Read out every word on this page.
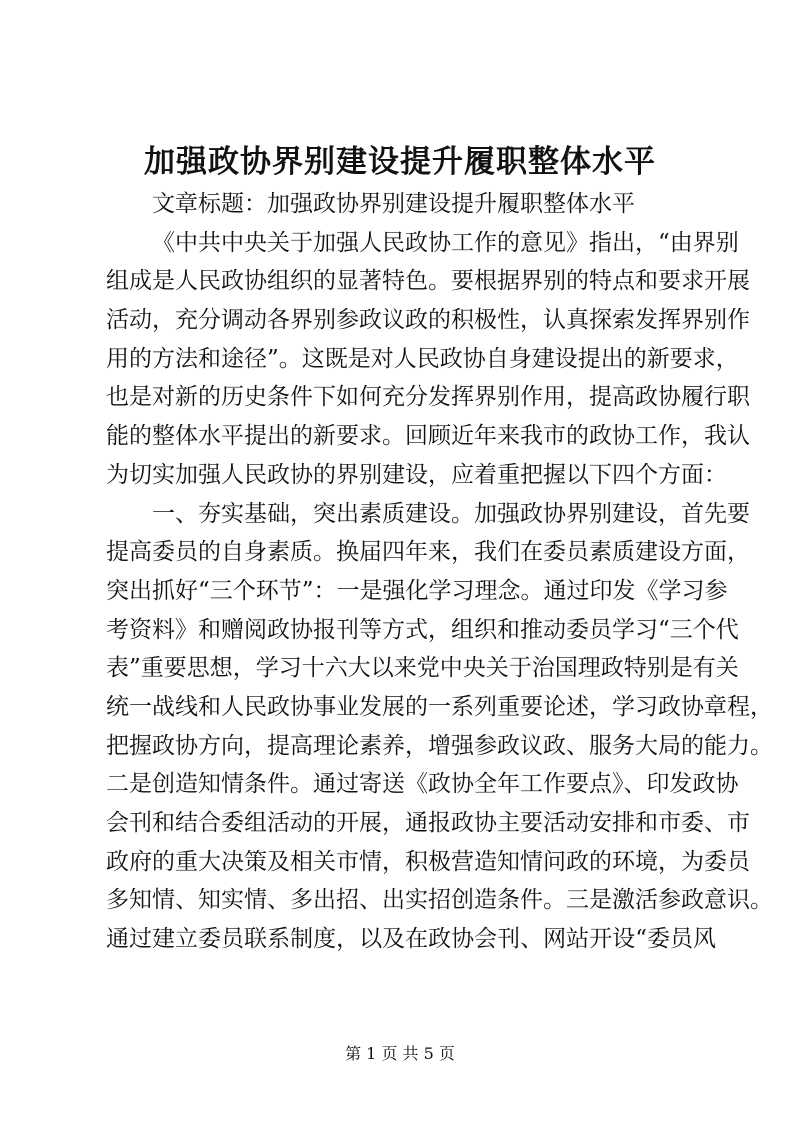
加强政协界别建设提升履职整体水平
文章标题：加强政协界别建设提升履职整体水平
《中共中央关于加强人民政协工作的意见》指出，“由界别
组成是人民政协组织的显著特色。要根据界别的特点和要求开展
活动，充分调动各界别参政议政的积极性，认真探索发挥界别作
用的方法和途径”。这既是对人民政协自身建设提出的新要求，
也是对新的历史条件下如何充分发挥界别作用，提高政协履行职
能的整体水平提出的新要求。回顾近年来我市的政协工作，我认
为切实加强人民政协的界别建设，应着重把握以下四个方面：
一、夯实基础，突出素质建设。加强政协界别建设，首先要
提高委员的自身素质。换届四年来，我们在委员素质建设方面，
突出抓好“三个环节”：一是强化学习理念。通过印发《学习参
考资料》和赠阅政协报刊等方式，组织和推动委员学习“三个代
表”重要思想，学习十六大以来党中央关于治国理政特别是有关
统一战线和人民政协事业发展的一系列重要论述，学习政协章程，
把握政协方向，提高理论素养，增强参政议政、服务大局的能力。
二是创造知情条件。通过寄送《政协全年工作要点》、印发政协
会刊和结合委组活动的开展，通报政协主要活动安排和市委、市
政府的重大决策及相关市情，积极营造知情问政的环境，为委员
多知情、知实情、多出招、出实招创造条件。三是激活参政意识。
通过建立委员联系制度，以及在政协会刊、网站开设“委员风
第 1 页 共 5 页
